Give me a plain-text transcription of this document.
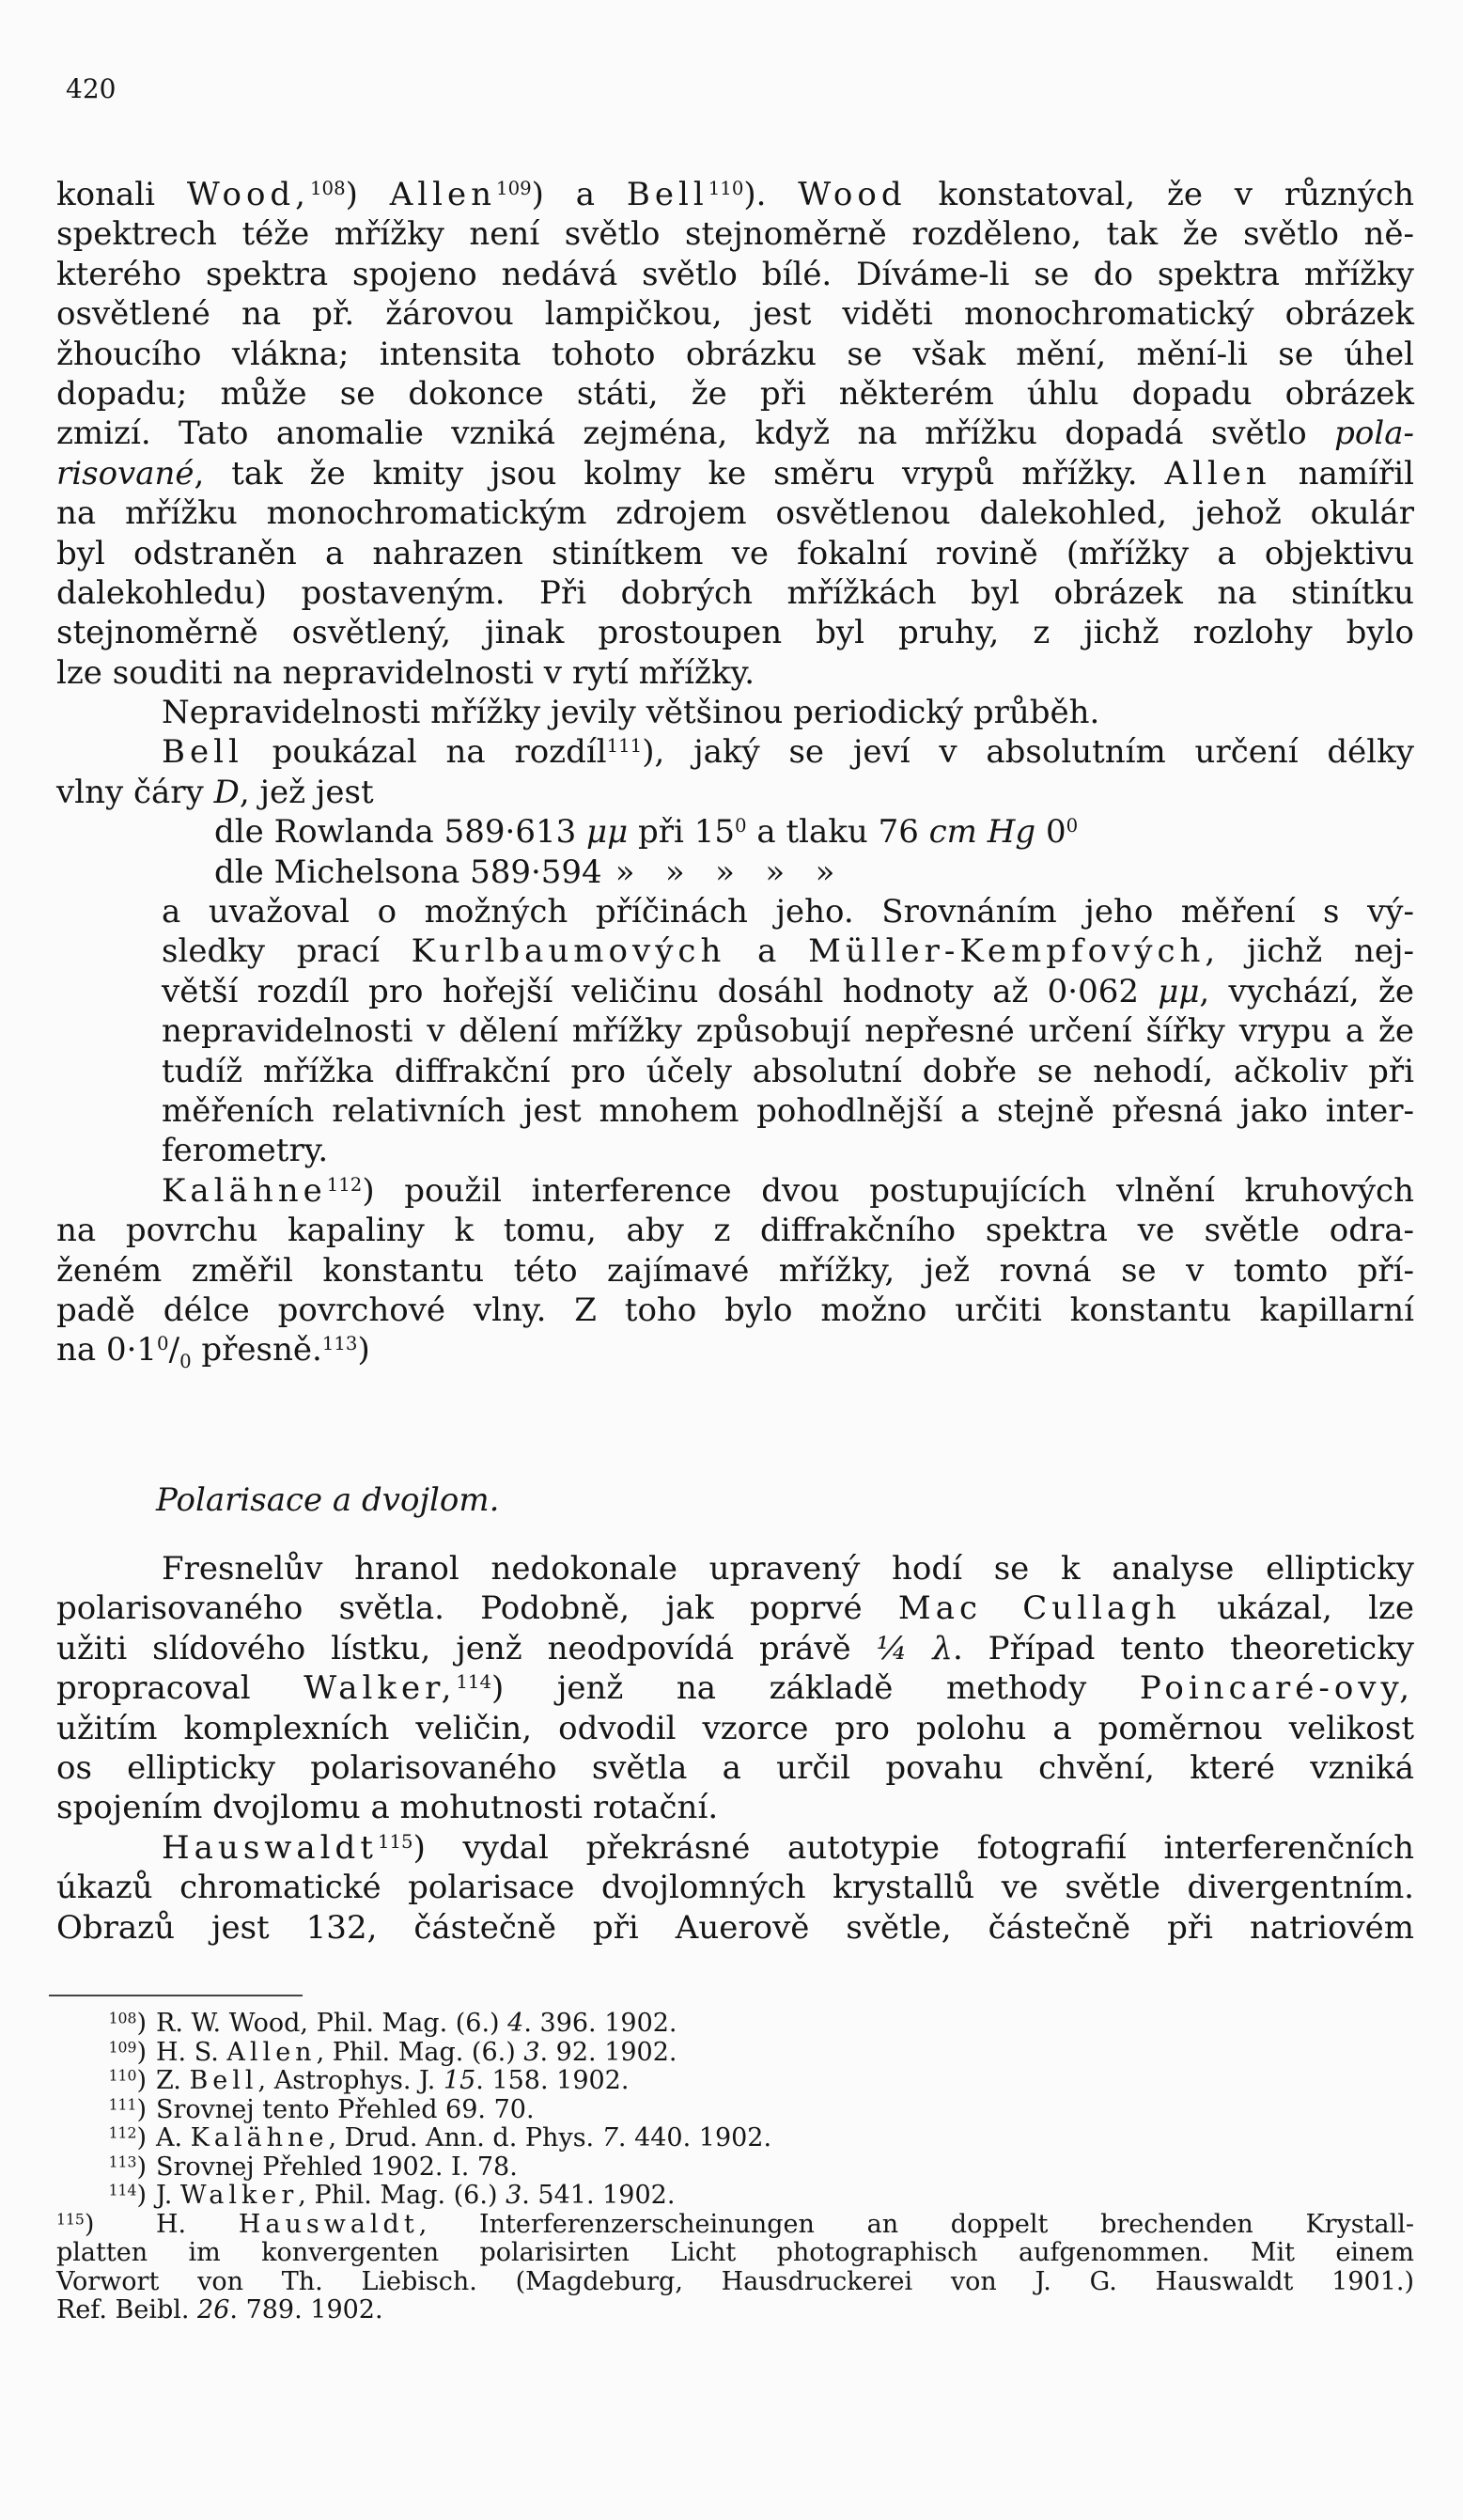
420
konali Wood,$^{108}$) Allen$^{109}$) a Bell$^{110}$). Wood konstatoval, že v různých
spektrech téže mřížky není světlo stejnoměrně rozděleno, tak že světlo ně-
kterého spektra spojeno nedává světlo bílé. Díváme-li se do spektra mřížky
osvětlené na př. žárovou lampičkou, jest viděti monochromatický obrázek
žhoucího vlákna; intensita tohoto obrázku se však mění, mění-li se úhel
dopadu; může se dokonce státi, že při některém úhlu dopadu obrázek
zmizí. Tato anomalie vzniká zejména, když na mřížku dopadá světlo pola-
risované, tak že kmity jsou kolmy ke směru vrypů mřížky. Allen namířil
na mřížku monochromatickým zdrojem osvětlenou dalekohled, jehož okulár
byl odstraněn a nahrazen stinítkem ve fokalní rovině (mřížky a objektivu
dalekohledu) postaveným. Při dobrých mřížkách byl obrázek na stinítku
stejnoměrně osvětlený, jinak prostoupen byl pruhy, z jichž rozlohy bylo
lze souditi na nepravidelnosti v rytí mřížky.
Nepravidelnosti mřížky jevily většinou periodický průběh.
Bell poukázal na rozdíl$^{111}$), jaký se jeví v absolutním určení délky
vlny čáry D, jež jest
dle Rowlanda 589·613 μμ při $15^0$ a tlaku 76 cm Hg $0^0$
dle Michelsona 589·594 »   »   »   »   »
a uvažoval o možných příčinách jeho. Srovnáním jeho měření s vý-
sledky prací Kurlbaumových a Müller-Kempfových, jichž nej-
větší rozdíl pro hořejší veličinu dosáhl hodnoty až 0·062 μμ, vychází, že
nepravidelnosti v dělení mřížky způsobují nepřesné určení šířky vrypu a že
tudíž mřížka diffrakční pro účely absolutní dobře se nehodí, ačkoliv při
měřeních relativních jest mnohem pohodlnější a stejně přesná jako inter-
ferometry.
Kalähne$^{112}$) použil interference dvou postupujících vlnění kruhových
na povrchu kapaliny k tomu, aby z diffrakčního spektra ve světle odra-
ženém změřil konstantu této zajímavé mřížky, jež rovná se v tomto pří-
padě délce povrchové vlny. Z toho bylo možno určiti konstantu kapillarní
na $0\cdot 1^0/_0$ přesně.$^{113}$)
Polarisace a dvojlom.
Fresnelův hranol nedokonale upravený hodí se k analyse ellipticky
polarisovaného světla. Podobně, jak poprvé Mac Cullagh ukázal, lze
užiti slídového lístku, jenž neodpovídá právě ¼ λ. Případ tento theoreticky
propracoval Walker,$^{114}$) jenž na základě methody Poincaré-ovy,
užitím komplexních veličin, odvodil vzorce pro polohu a poměrnou velikost
os ellipticky polarisovaného světla a určil povahu chvění, které vzniká
spojením dvojlomu a mohutnosti rotační.
Hauswaldt$^{115}$) vydal překrásné autotypie fotografií interferenčních
úkazů chromatické polarisace dvojlomných krystallů ve světle divergentním.
Obrazů jest 132, částečně při Auerově světle, částečně při natriovém
$^{108}$) R. W. Wood, Phil. Mag. (6.) 4. 396. 1902.
$^{109}$) H. S. Allen, Phil. Mag. (6.) 3. 92. 1902.
$^{110}$) Z. Bell, Astrophys. J. 15. 158. 1902.
$^{111}$) Srovnej tento Přehled 69. 70.
$^{112}$) A. Kalähne, Drud. Ann. d. Phys. 7. 440. 1902.
$^{113}$) Srovnej Přehled 1902. I. 78.
$^{114}$) J. Walker, Phil. Mag. (6.) 3. 541. 1902.
$^{115}$) H. Hauswaldt, Interferenzerscheinungen an doppelt brechenden Krystall-
platten im konvergenten polarisirten Licht photographisch aufgenommen. Mit einem
Vorwort von Th. Liebisch. (Magdeburg, Hausdruckerei von J. G. Hauswaldt 1901.)
Ref. Beibl. 26. 789. 1902.
